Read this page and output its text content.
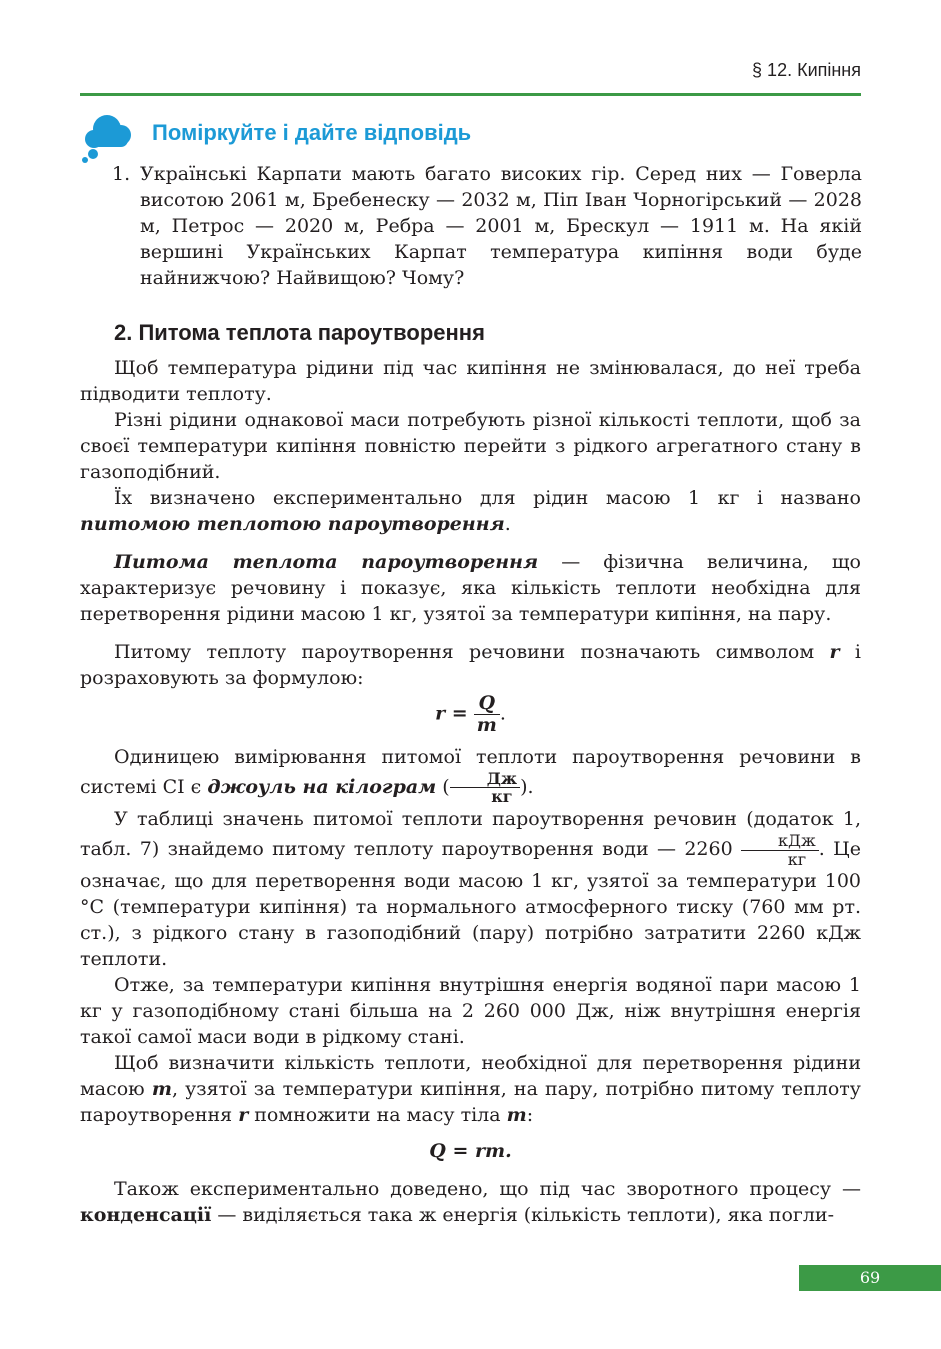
§ 12. Кипіння
Поміркуйте і дайте відповідь
1. Українські Карпати мають багато високих гір. Серед них — Говерла висотою 2061 м, Бребенеску — 2032 м, Піп Іван Чорногірський — 2028 м, Петрос — 2020 м, Ребра — 2001 м, Брескул — 1911 м. На якій вершині Українських Карпат температура кипіння води буде найнижчою? Найвищою? Чому?
2. Питома теплота пароутворення

Щоб температура рідини під час кипіння не змінювалася, до неї треба підводити теплоту.

Різні рідини однакової маси потребують різної кількості теплоти, щоб за своєї температури кипіння повністю перейти з рідкого агрегатного стану в газоподібний.

Їх визначено експериментально для рідин масою 1 кг і названо питомою теплотою пароутворення.

Питома теплота пароутворення — фізична величина, що характеризує речовину і показує, яка кількість теплоти необхідна для перетворення рідини масою 1 кг, узятої за температури кипіння, на пару.

Питому теплоту пароутворення речовини позначають символом r і розраховують за формулою:

$r = \frac{Q}{m}$ .

Одиницею вимірювання питомої теплоти пароутворення речовини в системі СІ є джоуль на кілограм ( $\frac{Дж}{кг}$ ).

У таблиці значень питомої теплоти пароутворення речовин (додаток 1, табл. 7) знайдемо питому теплоту пароутворення води — $2260 \frac{\text{кДж}}{кг}$ . Це означає, що для перетворення води масою 1 кг, узятої за температури 100 °С (температури кипіння) та нормального атмосферного тиску (760 мм рт. ст.), з рідкого стану в газоподібний (пару) потрібно затратити 2260 кДж теплоти.

Отже, за температури кипіння внутрішня енергія водяної пари масою 1 кг у газоподібному стані більша на 2 260 000 Дж, ніж внутрішня енергія такої самої маси води в рідкому стані.

Щоб визначити кількість теплоти, необхідної для перетворення рідини масою m, узятої за температури кипіння, на пару, потрібно питому теплоту пароутворення r помножити на масу тіла m:

Q = rm.

Також експериментально доведено, що під час зворотного процесу — конденсації — виділяється така ж енергія (кількість теплоти), яка погли-

69
